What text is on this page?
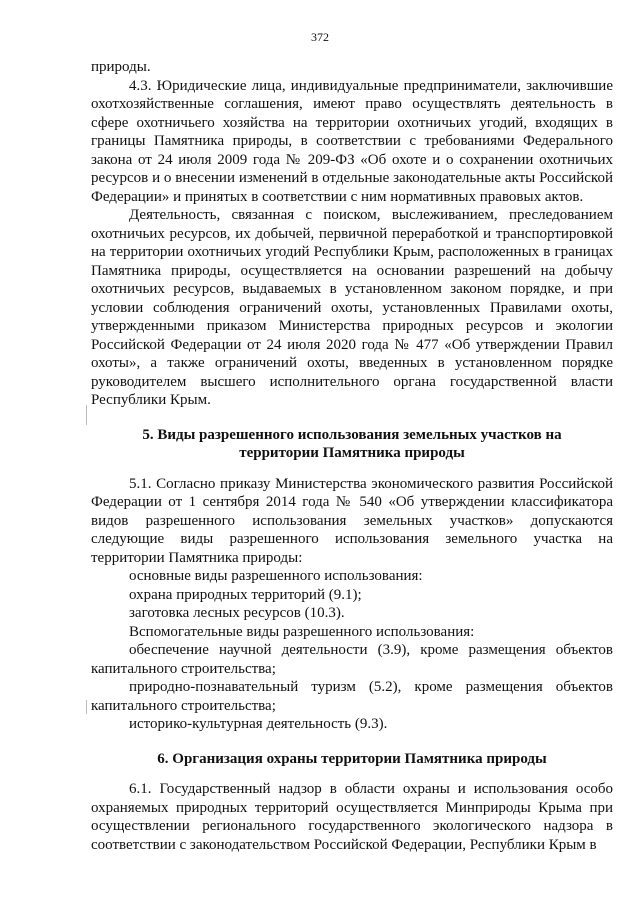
372

природы.

4.3. Юридические лица, индивидуальные предприниматели, заключившие охотхозяйственные соглашения, имеют право осуществлять деятельность в сфере охотничьего хозяйства на территории охотничьих угодий, входящих в границы Памятника природы, в соответствии с требованиями Федерального закона от 24 июля 2009 года № 209-ФЗ «Об охоте и о сохранении охотничьих ресурсов и о внесении изменений в отдельные законодательные акты Российской Федерации» и принятых в соответствии с ним нормативных правовых актов.

Деятельность, связанная с поиском, выслеживанием, преследованием охотничьих ресурсов, их добычей, первичной переработкой и транспортировкой на территории охотничьих угодий Республики Крым, расположенных в границах Памятника природы, осуществляется на основании разрешений на добычу охотничьих ресурсов, выдаваемых в установленном законом порядке, и при условии соблюдения ограничений охоты, установленных Правилами охоты, утвержденными приказом Министерства природных ресурсов и экологии Российской Федерации от 24 июля 2020 года № 477 «Об утверждении Правил охоты», а также ограничений охоты, введенных в установленном порядке руководителем высшего исполнительного органа государственной власти Республики Крым.

5. Виды разрешенного использования земельных участков на территории Памятника природы

5.1. Согласно приказу Министерства экономического развития Российской Федерации от 1 сентября 2014 года № 540 «Об утверждении классификатора видов разрешенного использования земельных участков» допускаются следующие виды разрешенного использования земельного участка на территории Памятника природы:

основные виды разрешенного использования:

охрана природных территорий (9.1);

заготовка лесных ресурсов (10.3).

Вспомогательные виды разрешенного использования:

обеспечение научной деятельности (3.9), кроме размещения объектов капитального строительства;

природно-познавательный туризм (5.2), кроме размещения объектов капитального строительства;

историко-культурная деятельность (9.3).

6. Организация охраны территории Памятника природы

6.1. Государственный надзор в области охраны и использования особо охраняемых природных территорий осуществляется Минприроды Крыма при осуществлении регионального государственного экологического надзора в соответствии с законодательством Российской Федерации, Республики Крым в
